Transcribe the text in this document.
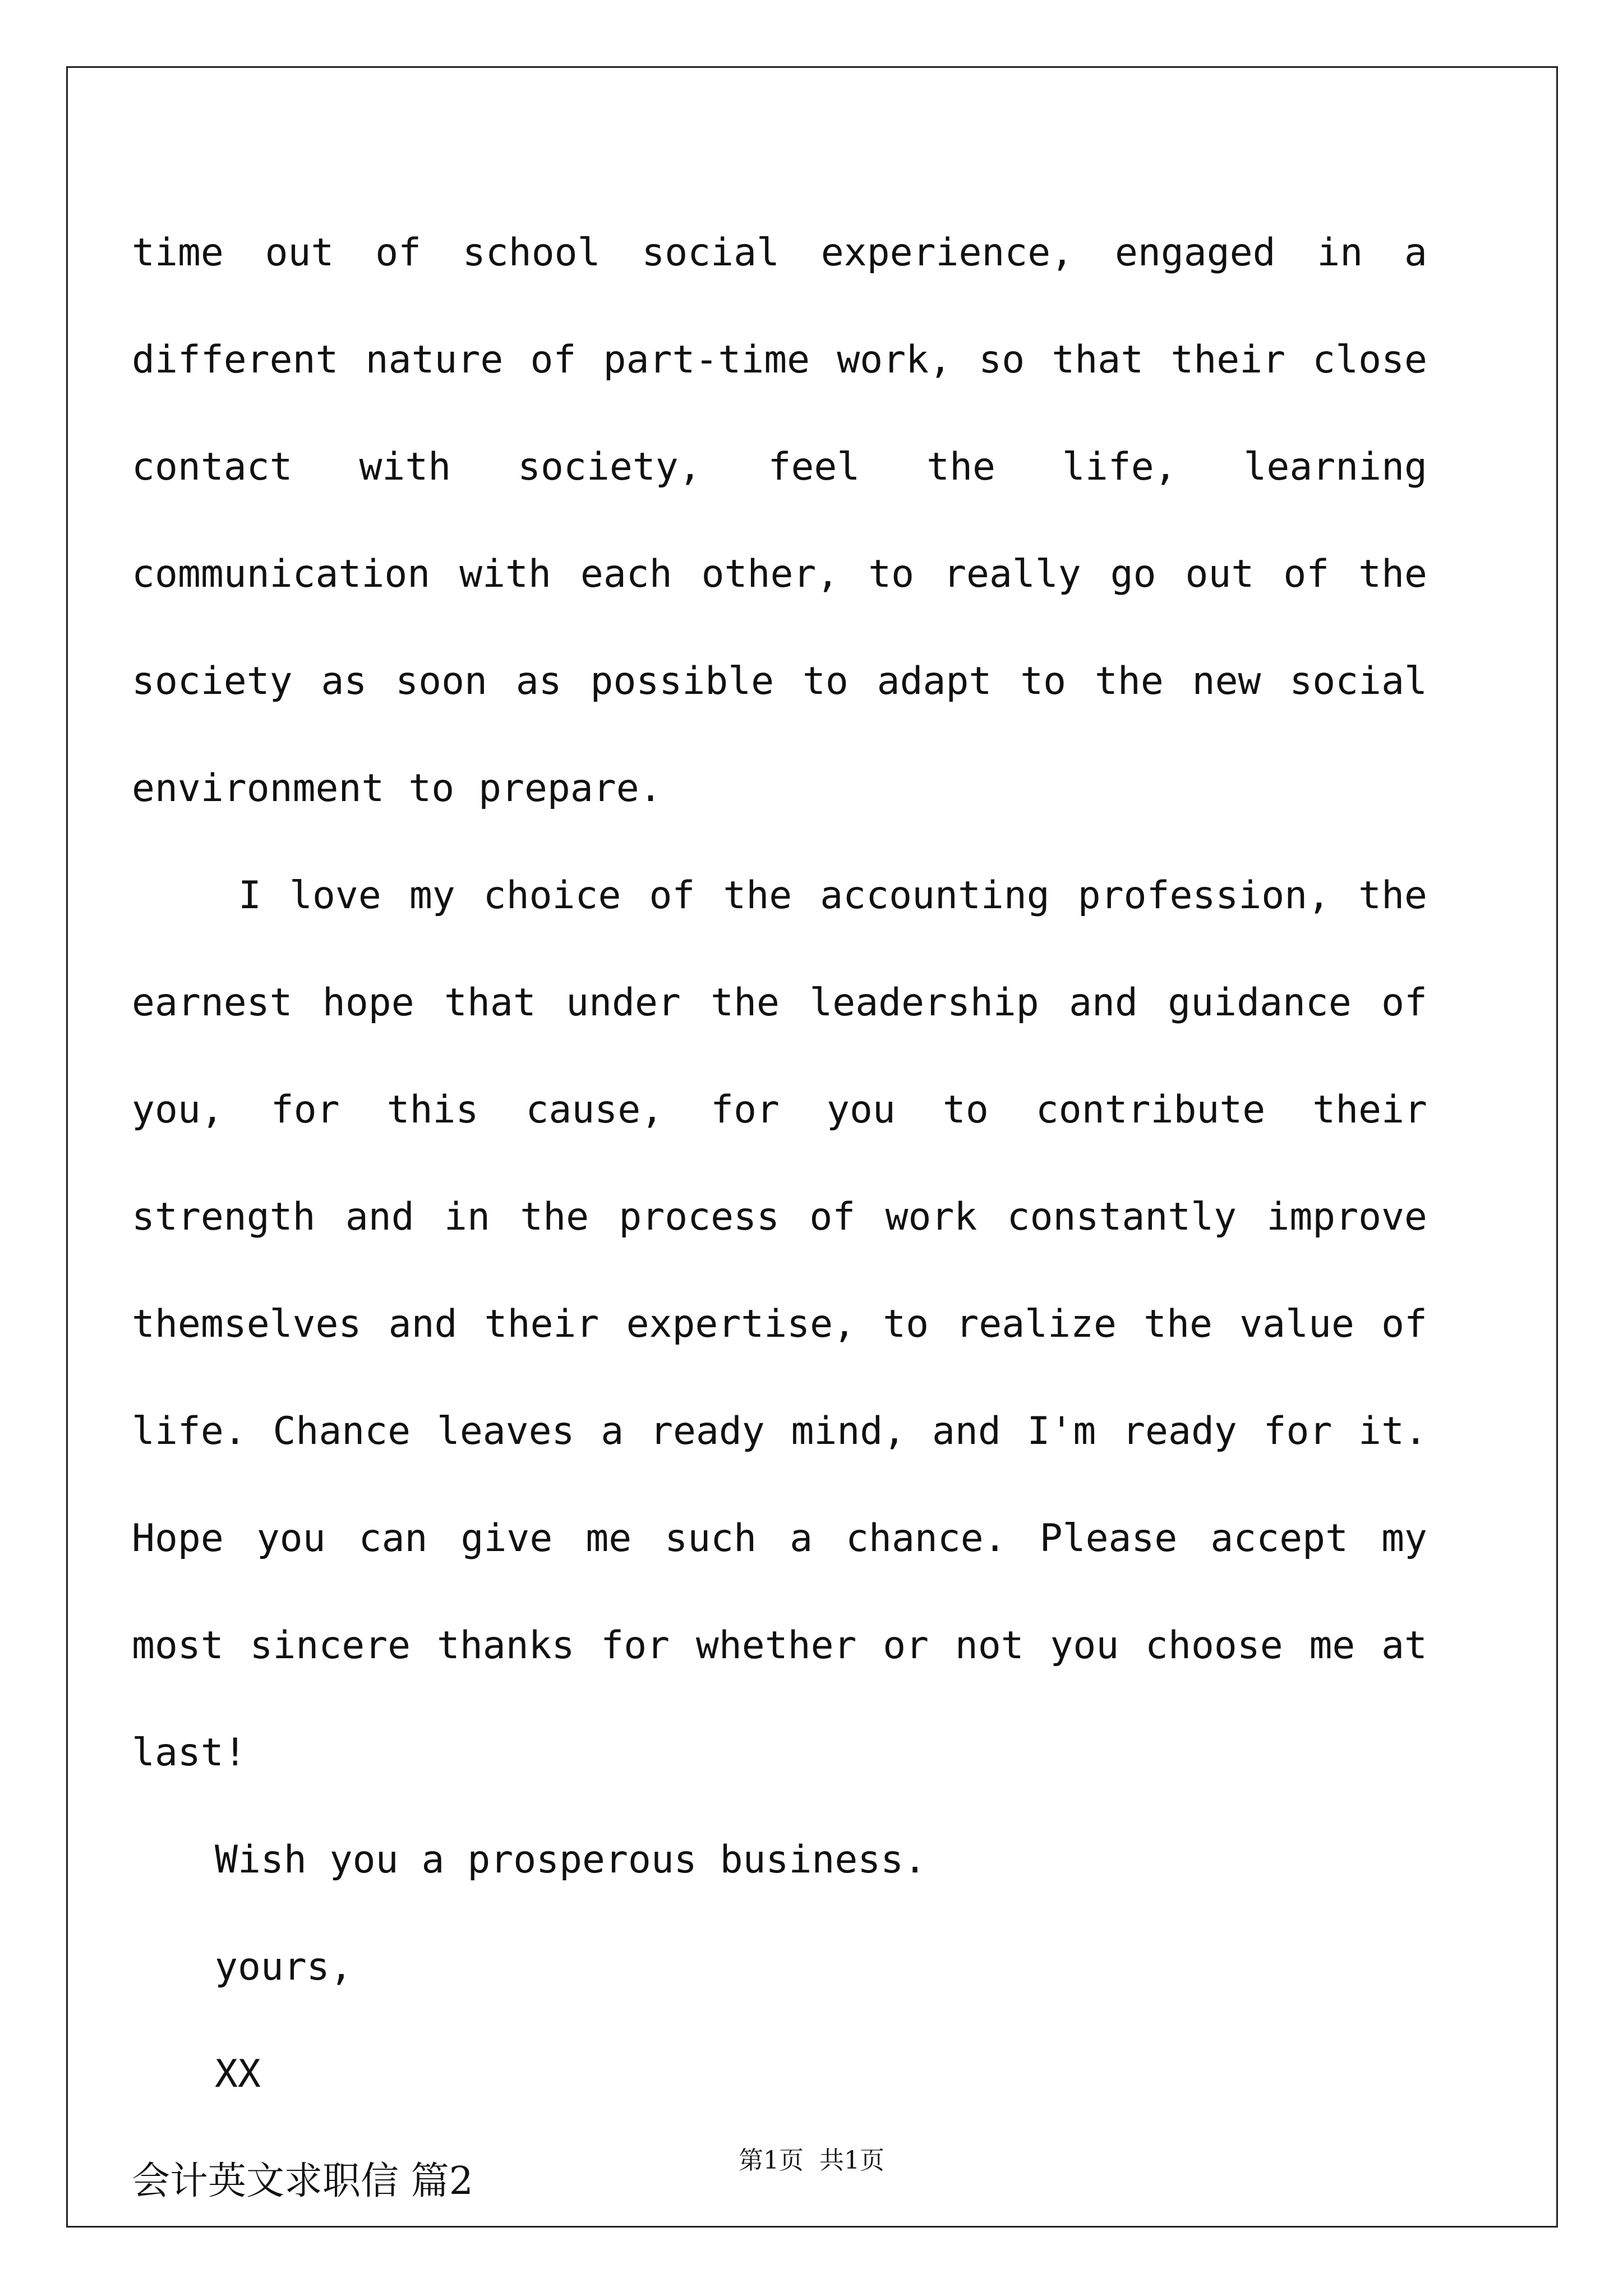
time out of school social experience, engaged in a different nature of part-time work, so that their close contact with society, feel the life, learning communication with each other, to really go out of the society as soon as possible to adapt to the new social environment to prepare.

I love my choice of the accounting profession, the earnest hope that under the leadership and guidance of you, for this cause, for you to contribute their strength and in the process of work constantly improve themselves and their expertise, to realize the value of life. Chance leaves a ready mind, and I'm ready for it. Hope you can give me such a chance. Please accept my most sincere thanks for whether or not you choose me at last!

Wish you a prosperous business.

yours,

XX

会计英文求职信 篇2	第1页  共1页
